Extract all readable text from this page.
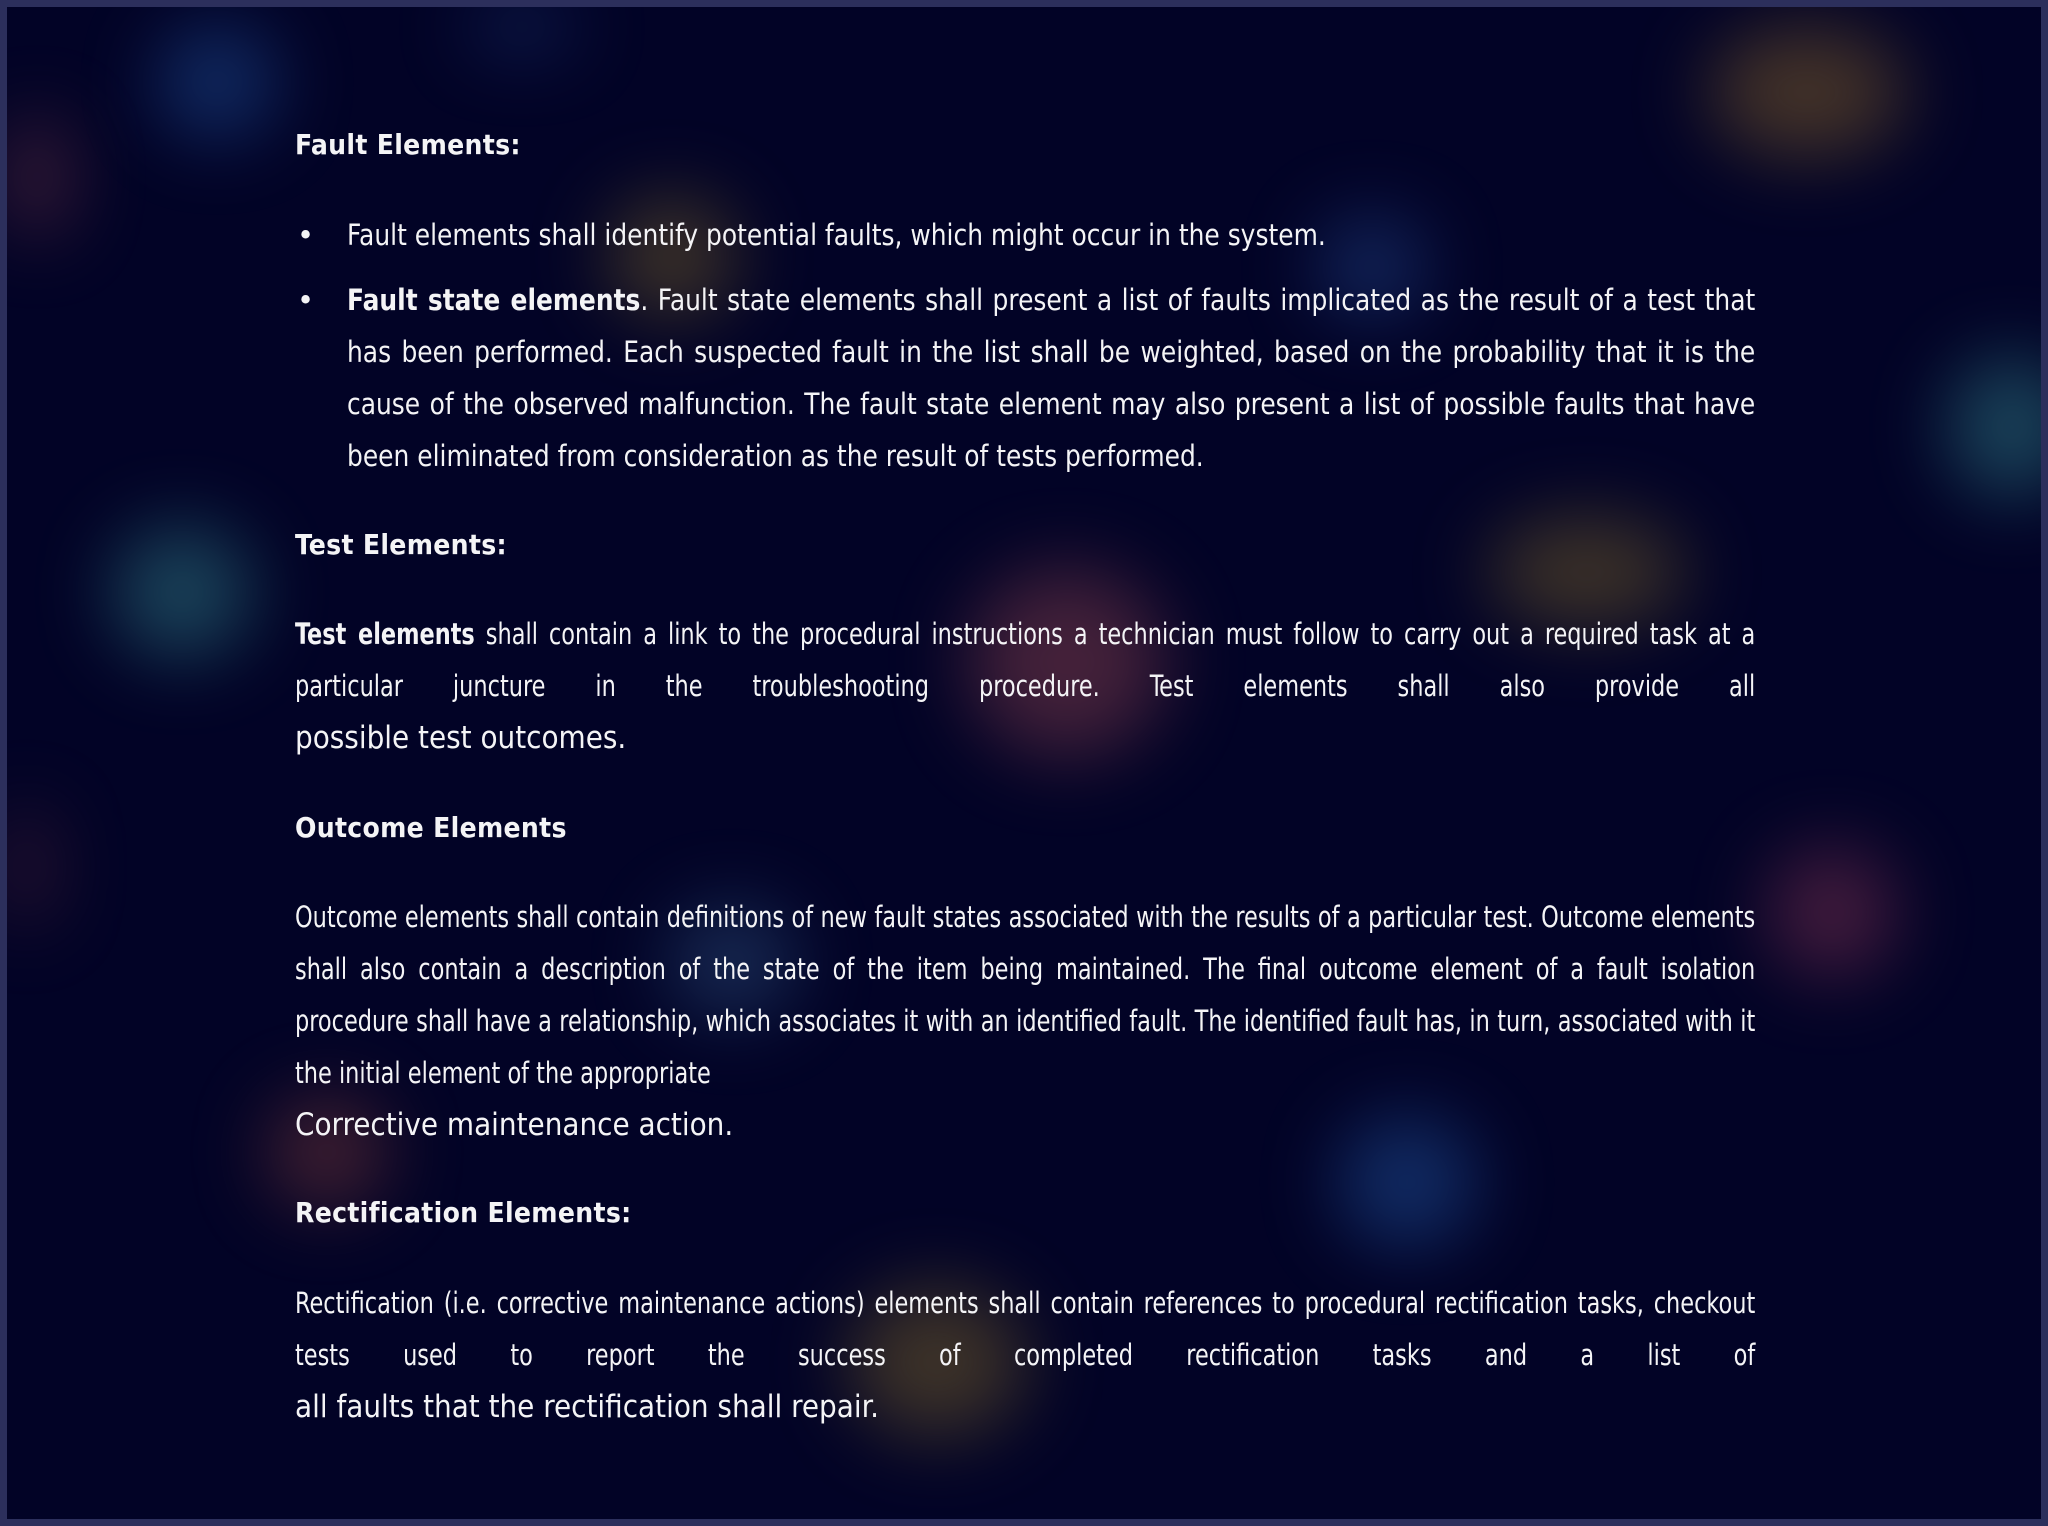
Fault Elements:
• Fault elements shall identify potential faults, which might occur in the system.
• Fault state elements. Fault state elements shall present a list of faults implicated as the result of a test that has been performed. Each suspected fault in the list shall be weighted, based on the probability that it is the cause of the observed malfunction. The fault state element may also present a list of possible faults that have been eliminated from consideration as the result of tests performed.
Test Elements:

Test elements shall contain a link to the procedural instructions a technician must follow to carry out a required task at a particular juncture in the troubleshooting procedure. Test elements shall also provide all

possible test outcomes.

Outcome Elements

Outcome elements shall contain definitions of new fault states associated with the results of a particular test. Outcome elements shall also contain a description of the state of the item being maintained. The final outcome element of a fault isolation procedure shall have a relationship, which associates it with an identified fault. The identified fault has, in turn, associated with it the initial element of the appropriate

Corrective maintenance action.

Rectification Elements:

Rectification (i.e. corrective maintenance actions) elements shall contain references to procedural rectification tasks, checkout tests used to report the success of completed rectification tasks and a list of

all faults that the rectification shall repair.
